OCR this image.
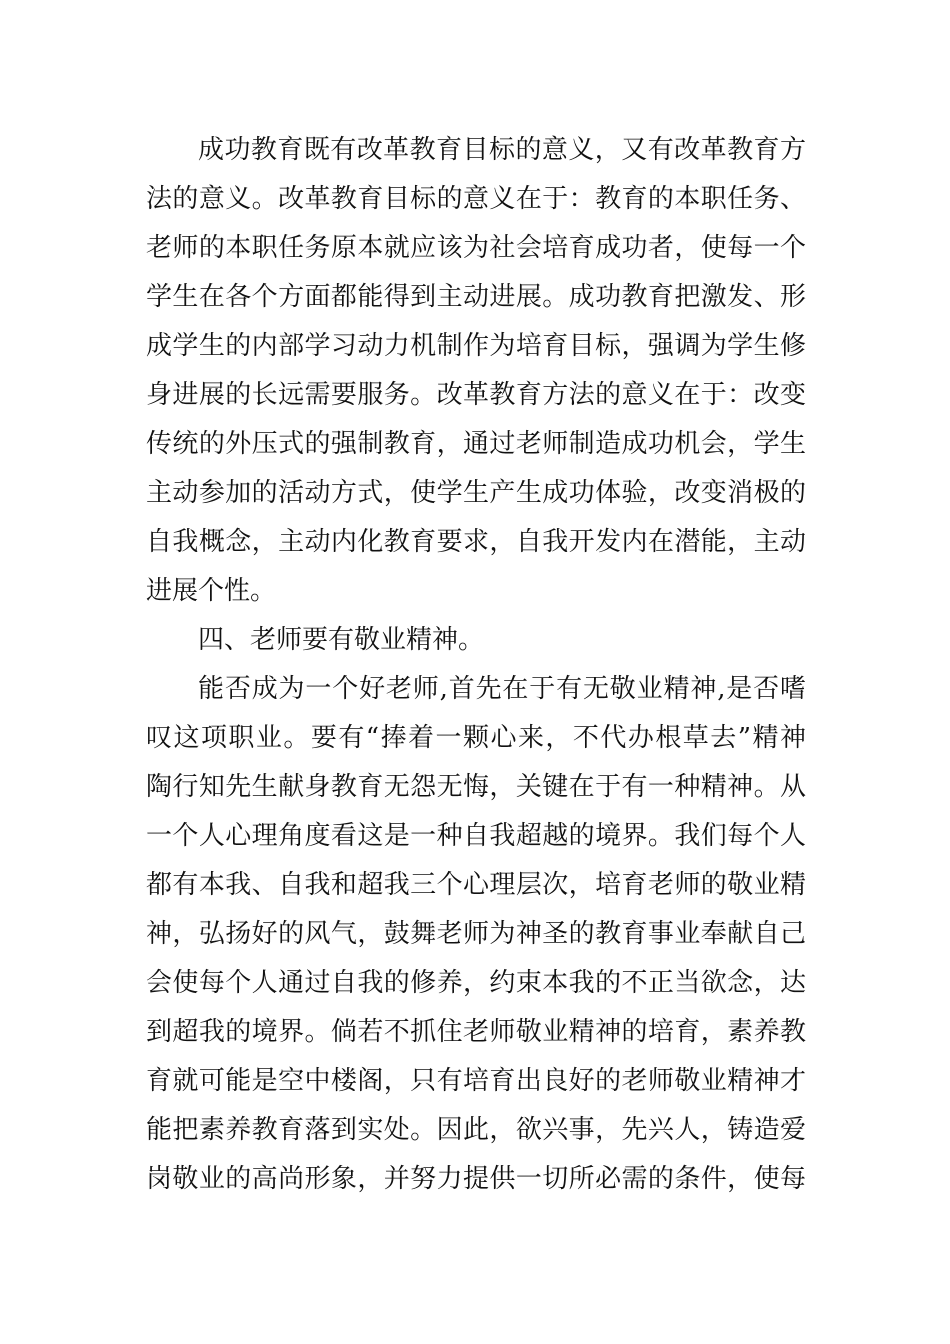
成功教育既有改革教育目标的意义，又有改革教育方
法的意义。改革教育目标的意义在于：教育的本职任务、
老师的本职任务原本就应该为社会培育成功者，使每一个
学生在各个方面都能得到主动进展。成功教育把激发、形
成学生的内部学习动力机制作为培育目标，强调为学生修
身进展的长远需要服务。改革教育方法的意义在于：改变
传统的外压式的强制教育，通过老师制造成功机会，学生
主动参加的活动方式，使学生产生成功体验，改变消极的
自我概念，主动内化教育要求，自我开发内在潜能，主动
进展个性。
四、老师要有敬业精神。
能否成为一个好老师,首先在于有无敬业精神,是否嗜
叹这项职业。要有“捧着一颗心来，不代办根草去”精神
陶行知先生献身教育无怨无悔，关键在于有一种精神。从
一个人心理角度看这是一种自我超越的境界。我们每个人
都有本我、自我和超我三个心理层次，培育老师的敬业精
神，弘扬好的风气，鼓舞老师为神圣的教育事业奉献自己
会使每个人通过自我的修养，约束本我的不正当欲念，达
到超我的境界。倘若不抓住老师敬业精神的培育，素养教
育就可能是空中楼阁，只有培育出良好的老师敬业精神才
能把素养教育落到实处。因此，欲兴事，先兴人，铸造爱
岗敬业的高尚形象，并努力提供一切所必需的条件，使每
